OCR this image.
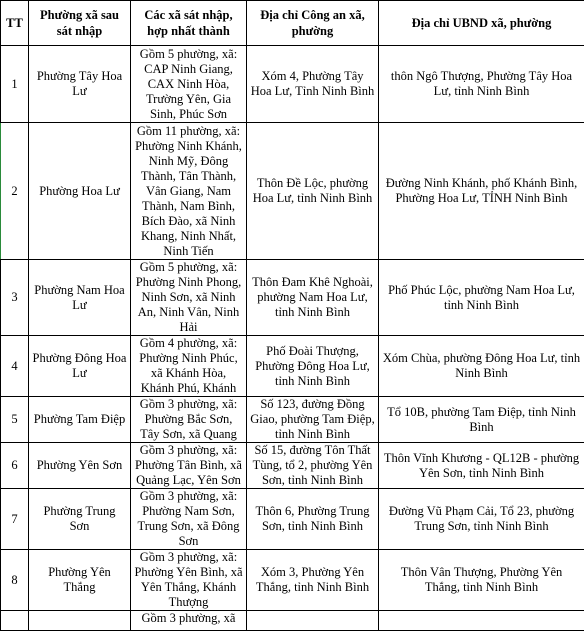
TT	Phường xã sau sát nhập	Các xã sát nhập, hợp nhất thành	Địa chỉ Công an xã, phường	Địa chỉ UBND xã, phường
1	Phường Tây Hoa Lư	Gồm 5 phường, xã: CAP Ninh Giang, CAX Ninh Hòa, Trường Yên, Gia Sinh, Phúc Sơn	Xóm 4, Phường Tây Hoa Lư, Tỉnh Ninh Bình	thôn Ngô Thượng, Phường Tây Hoa Lư, tỉnh Ninh Bình
2	Phường Hoa Lư	Gồm 11 phường, xã: Phường Ninh Khánh, Ninh Mỹ, Đông Thành, Tân Thành, Vân Giang, Nam Thành, Nam Bình, Bích Đào, xã Ninh Khang, Ninh Nhất, Ninh Tiến	Thôn Đề Lộc, phường Hoa Lư, tỉnh Ninh Bình	Đường Ninh Khánh, phố Khánh Bình, Phường Hoa Lư, TỈNH Ninh Bình
3	Phường Nam Hoa Lư	Gồm 5 phường, xã: Phường Ninh Phong, Ninh Sơn, xã Ninh An, Ninh Vân, Ninh Hải	Thôn Đam Khê Nghoài, phường Nam Hoa Lư, tỉnh Ninh Bình	Phố Phúc Lộc, phường Nam Hoa Lư, tỉnh Ninh Bình
4	Phường Đông Hoa Lư	Gồm 4 phường, xã: Phường Ninh Phúc, xã Khánh Hòa, Khánh Phú, Khánh	Phố Đoài Thượng, Phường Đông Hoa Lư, tỉnh Ninh Bình	Xóm Chùa, phường Đông Hoa Lư, tỉnh Ninh Bình
5	Phường Tam Điệp	Gồm 3 phường, xã: Phường Bắc Sơn, Tây Sơn, xã Quang	Số 123, đường Đồng Giao, phường Tam Điệp, tỉnh Ninh Bình	Tổ 10B, phường Tam Điệp, tỉnh Ninh Bình
6	Phường Yên Sơn	Gồm 3 phường, xã: Phường Tân Bình, xã Quảng Lạc, Yên Sơn	Số 15, đường Tôn Thất Tùng, tổ 2, phường Yên Sơn, tỉnh Ninh Bình	Thôn Vĩnh Khương - QL12B - phường Yên Sơn, tỉnh Ninh Bình
7	Phường Trung Sơn	Gồm 3 phường, xã: Phường Nam Sơn, Trung Sơn, xã Đông Sơn	Thôn 6, Phường Trung Sơn, tỉnh Ninh Bình	Đường Vũ Phạm Cải, Tổ 23, phường Trung Sơn, tỉnh Ninh Bình
8	Phường Yên Thắng	Gồm 3 phường, xã: Phường Yên Bình, xã Yên Thắng, Khánh Thượng	Xóm 3, Phường Yên Thắng, tỉnh Ninh Bình	Thôn Vân Thượng, Phường Yên Thắng, tỉnh Ninh Bình
		Gồm 3 phường, xã		
